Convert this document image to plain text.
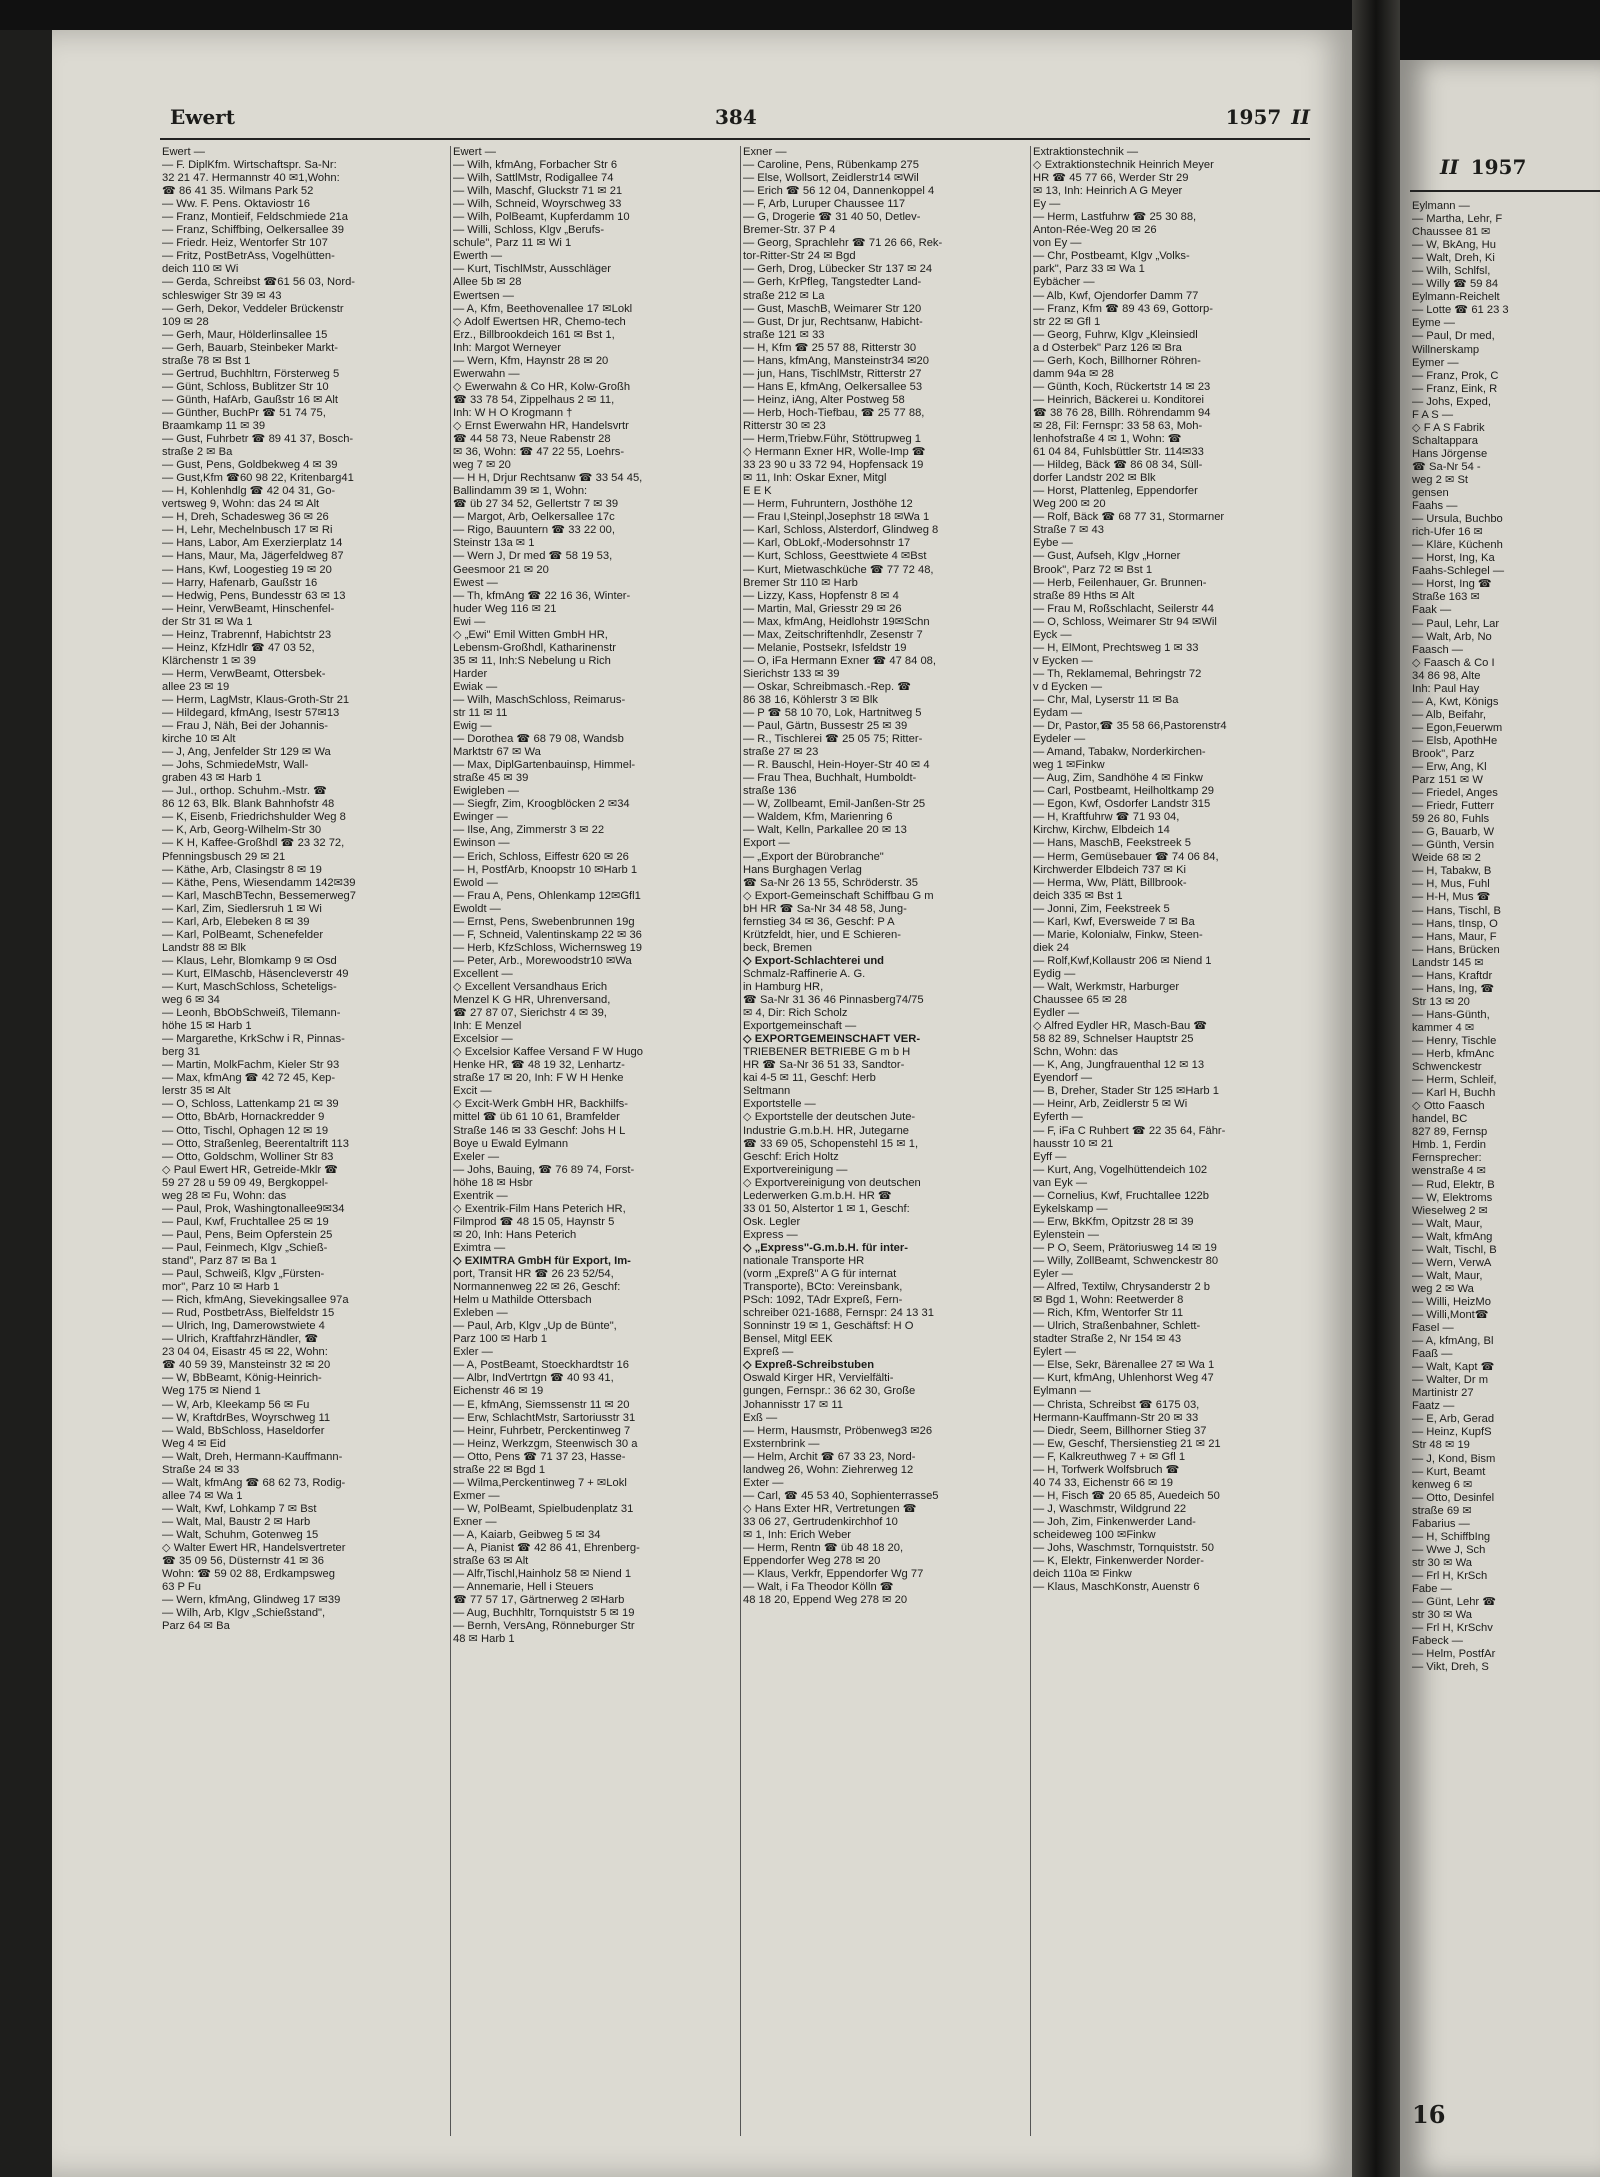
Ewert	384	1957 II
Ewert —
— F. DiplKfm. Wirtschaftspr. Sa-Nr:
32 21 47. Hermannstr 40 ✉1,Wohn:
☎ 86 41 35. Wilmans Park 52
— Ww. F. Pens. Oktaviostr 16
— Franz, Montieif, Feldschmiede 21a
— Franz, Schiffbing, Oelkersallee 39
— Friedr. Heiz, Wentorfer Str 107
— Fritz, PostBetrAss, Vogelhütten-
deich 110 ✉ Wi
— Gerda, Schreibst ☎61 56 03, Nord-
schleswiger Str 39 ✉ 43
— Gerh, Dekor, Veddeler Brückenstr
109 ✉ 28
— Gerh, Maur, Hölderlinsallee 15
— Gerh, Bauarb, Steinbeker Markt-
straße 78 ✉ Bst 1
— Gertrud, Buchhltrn, Försterweg 5
— Günt, Schloss, Bublitzer Str 10
— Günth, HafArb, Gaußstr 16 ✉ Alt
— Günther, BuchPr ☎ 51 74 75,
Braamkamp 11 ✉ 39
— Gust, Fuhrbetr ☎ 89 41 37, Bosch-
straße 2 ✉ Ba
— Gust, Pens, Goldbekweg 4 ✉ 39
— Gust,Kfm ☎60 98 22, Kritenbarg41
— H, Kohlenhdlg ☎ 42 04 31, Go-
vertsweg 9, Wohn: das 24 ✉ Alt
— H, Dreh, Schadesweg 36 ✉ 26
— H, Lehr, Mechelnbusch 17 ✉ Ri
— Hans, Labor, Am Exerzierplatz 14
— Hans, Maur, Ma, Jägerfeldweg 87
— Hans, Kwf, Loogestieg 19 ✉ 20
— Harry, Hafenarb, Gaußstr 16
— Hedwig, Pens, Bundesstr 63 ✉ 13
— Heinr, VerwBeamt, Hinschenfel-
der Str 31 ✉ Wa 1
— Heinz, Trabrennf, Habichtstr 23
— Heinz, KfzHdlr ☎ 47 03 52,
Klärchenstr 1 ✉ 39
— Herm, VerwBeamt, Ottersbek-
allee 23 ✉ 19
— Herm, LagMstr, Klaus-Groth-Str 21
— Hildegard, kfmAng, Isestr 57✉13
— Frau J, Näh, Bei der Johannis-
kirche 10 ✉ Alt
— J, Ang, Jenfelder Str 129 ✉ Wa
— Johs, SchmiedeMstr, Wall-
graben 43 ✉ Harb 1
— Jul., orthop. Schuhm.-Mstr. ☎
86 12 63, Blk. Blank Bahnhofstr 48
— K, Eisenb, Friedrichshulder Weg 8
— K, Arb, Georg-Wilhelm-Str 30
— K H, Kaffee-Großhdl ☎ 23 32 72,
Pfenningsbusch 29 ✉ 21
— Käthe, Arb, Clasingstr 8 ✉ 19
— Käthe, Pens, Wiesendamm 142✉39
— Karl, MaschBTechn, Bessemerweg7
— Karl, Zim, Siedlersruh 1 ✉ Wi
— Karl, Arb, Elebeken 8 ✉ 39
— Karl, PolBeamt, Schenefelder
Landstr 88 ✉ Blk
— Klaus, Lehr, Blomkamp 9 ✉ Osd
— Kurt, ElMaschb, Häsencleverstr 49
— Kurt, MaschSchloss, Scheteligs-
weg 6 ✉ 34
— Leonh, BbObSchweiß, Tilemann-
höhe 15 ✉ Harb 1
— Margarethe, KrkSchw i R, Pinnas-
berg 31
— Martin, MolkFachm, Kieler Str 93
— Max, kfmAng ☎ 42 72 45, Kep-
lerstr 35 ✉ Alt
— O, Schloss, Lattenkamp 21 ✉ 39
— Otto, BbArb, Hornackredder 9
— Otto, Tischl, Ophagen 12 ✉ 19
— Otto, Straßenleg, Beerentaltrift 113
— Otto, Goldschm, Wolliner Str 83
◇ Paul Ewert HR, Getreide-Mklr ☎
59 27 28 u 59 09 49, Bergkoppel-
weg 28 ✉ Fu, Wohn: das
— Paul, Prok, Washingtonallee9✉34
— Paul, Kwf, Fruchtallee 25 ✉ 19
— Paul, Pens, Beim Opferstein 25
— Paul, Feinmech, Klgv „Schieß-
stand", Parz 87 ✉ Ba 1
— Paul, Schweiß, Klgv „Fürsten-
mor", Parz 10 ✉ Harb 1
— Rich, kfmAng, Sievekingsallee 97a
— Rud, PostbetrAss, Bielfeldstr 15
— Ulrich, Ing, Damerowstwiete 4
— Ulrich, KraftfahrzHändler, ☎
23 04 04, Eisastr 45 ✉ 22, Wohn:
☎ 40 59 39, Mansteinstr 32 ✉ 20
— W, BbBeamt, König-Heinrich-
Weg 175 ✉ Niend 1
— W, Arb, Kleekamp 56 ✉ Fu
— W, KraftdrBes, Woyrschweg 11
— Wald, BbSchloss, Haseldorfer
Weg 4 ✉ Eid
— Walt, Dreh, Hermann-Kauffmann-
Straße 24 ✉ 33
— Walt, kfmAng ☎ 68 62 73, Rodig-
allee 74 ✉ Wa 1
— Walt, Kwf, Lohkamp 7 ✉ Bst
— Walt, Mal, Baustr 2 ✉ Harb
— Walt, Schuhm, Gotenweg 15
◇ Walter Ewert HR, Handelsvertreter
☎ 35 09 56, Düsternstr 41 ✉ 36
Wohn: ☎ 59 02 88, Erdkampsweg
63 P Fu
— Wern, kfmAng, Glindweg 17 ✉39
— Wilh, Arb, Klgv „Schießstand",
Parz 64 ✉ Ba
Ewert —
— Wilh, kfmAng, Forbacher Str 6
— Wilh, SattlMstr, Rodigallee 74
— Wilh, Maschf, Gluckstr 71 ✉ 21
— Wilh, Schneid, Woyrschweg 33
— Wilh, PolBeamt, Kupferdamm 10
— Willi, Schloss, Klgv „Berufs-
schule", Parz 11 ✉ Wi 1
Ewerth —
— Kurt, TischlMstr, Ausschläger
Allee 5b ✉ 28
Ewertsen —
— A, Kfm, Beethovenallee 17 ✉Lokl
◇ Adolf Ewertsen HR, Chemo-tech
Erz., Billbrookdeich 161 ✉ Bst 1,
Inh: Margot Werneyer
— Wern, Kfm, Haynstr 28 ✉ 20
Ewerwahn —
◇ Ewerwahn & Co HR, Kolw-Großh
☎ 33 78 54, Zippelhaus 2 ✉ 11,
Inh: W H O Krogmann †
◇ Ernst Ewerwahn HR, Handelsvrtr
☎ 44 58 73, Neue Rabenstr 28
✉ 36, Wohn: ☎ 47 22 55, Loehrs-
weg 7 ✉ 20
— H H, Drjur Rechtsanw ☎ 33 54 45,
Ballindamm 39 ✉ 1, Wohn:
☎ üb 27 34 52, Gellertstr 7 ✉ 39
— Margot, Arb, Oelkersallee 17c
— Rigo, Bauuntern ☎ 33 22 00,
Steinstr 13a ✉ 1
— Wern J, Dr med ☎ 58 19 53,
Geesmoor 21 ✉ 20
Ewest —
— Th, kfmAng ☎ 22 16 36, Winter-
huder Weg 116 ✉ 21
Ewi —
◇ „Ewi" Emil Witten GmbH HR,
Lebensm-Großhdl, Katharinenstr
35 ✉ 11, Inh:S Nebelung u Rich
Harder
Ewiak —
— Wilh, MaschSchloss, Reimarus-
str 11 ✉ 11
Ewig —
— Dorothea ☎ 68 79 08, Wandsb
Marktstr 67 ✉ Wa
— Max, DiplGartenbauinsp, Himmel-
straße 45 ✉ 39
Ewigleben —
— Siegfr, Zim, Kroogblöcken 2 ✉34
Ewinger —
— Ilse, Ang, Zimmerstr 3 ✉ 22
Ewinson —
— Erich, Schloss, Eiffestr 620 ✉ 26
— H, PostfArb, Knoopstr 10 ✉Harb 1
Ewold —
— Frau A, Pens, Ohlenkamp 12✉Gfl1
Ewoldt —
— Ernst, Pens, Swebenbrunnen 19g
— F, Schneid, Valentinskamp 22 ✉ 36
— Herb, KfzSchloss, Wichernsweg 19
— Peter, Arb., Morewoodstr10 ✉Wa
Excellent —
◇ Excellent Versandhaus Erich
Menzel K G HR, Uhrenversand,
☎ 27 87 07, Sierichstr 4 ✉ 39,
Inh: E Menzel
Excelsior —
◇ Excelsior Kaffee Versand F W Hugo
Henke HR, ☎ 48 19 32, Lenhartz-
straße 17 ✉ 20, Inh: F W H Henke
Excit —
◇ Excit-Werk GmbH HR, Backhilfs-
mittel ☎ üb 61 10 61, Bramfelder
Straße 146 ✉ 33 Geschf: Johs H L
Boye u Ewald Eylmann
Exeler —
— Johs, Bauing, ☎ 76 89 74, Forst-
höhe 18 ✉ Hsbr
Exentrik —
◇ Exentrik-Film Hans Peterich HR,
Filmprod ☎ 48 15 05, Haynstr 5
✉ 20, Inh: Hans Peterich
Eximtra —
◇ EXIMTRA GmbH für Export, Im-
port, Transit HR ☎ 26 23 52/54,
Normannenweg 22 ✉ 26, Geschf:
Helm u Mathilde Ottersbach
Exleben —
— Paul, Arb, Klgv „Up de Bünte",
Parz 100 ✉ Harb 1
Exler —
— A, PostBeamt, Stoeckhardtstr 16
— Albr, IndVertrtgn ☎ 40 93 41,
Eichenstr 46 ✉ 19
— E, kfmAng, Siemssenstr 11 ✉ 20
— Erw, SchlachtMstr, Sartoriusstr 31
— Heinr, Fuhrbetr, Perckentinweg 7
— Heinz, Werkzgm, Steenwisch 30 a
— Otto, Pens ☎ 71 37 23, Hasse-
straße 22 ✉ Bgd 1
— Wilma,Perckentinweg 7 + ✉Lokl
Exmer —
— W, PolBeamt, Spielbudenplatz 31
Exner —
— A, Kaiarb, Geibweg 5 ✉ 34
— A, Pianist ☎ 42 86 41, Ehrenberg-
straße 63 ✉ Alt
— Alfr,Tischl,Hainholz 58 ✉ Niend 1
— Annemarie, Hell i Steuers
☎ 77 57 17, Gärtnerweg 2 ✉Harb
— Aug, Buchhltr, Tornquiststr 5 ✉ 19
— Bernh, VersAng, Rönneburger Str
48 ✉ Harb 1
Exner —
— Caroline, Pens, Rübenkamp 275
— Else, Wollsort, Zeidlerstr14 ✉Wil
— Erich ☎ 56 12 04, Dannenkoppel 4
— F, Arb, Luruper Chaussee 117
— G, Drogerie ☎ 31 40 50, Detlev-
Bremer-Str. 37 P 4
— Georg, Sprachlehr ☎ 71 26 66, Rek-
tor-Ritter-Str 24 ✉ Bgd
— Gerh, Drog, Lübecker Str 137 ✉ 24
— Gerh, KrPfleg, Tangstedter Land-
straße 212 ✉ La
— Gust, MaschB, Weimarer Str 120
— Gust, Dr jur, Rechtsanw, Habicht-
straße 121 ✉ 33
— H, Kfm ☎ 25 57 88, Ritterstr 30
— Hans, kfmAng, Mansteinstr34 ✉20
— jun, Hans, TischlMstr, Ritterstr 27
— Hans E, kfmAng, Oelkersallee 53
— Heinz, iAng, Alter Postweg 58
— Herb, Hoch-Tiefbau, ☎ 25 77 88,
Ritterstr 30 ✉ 23
— Herm,Triebw.Führ, Stöttrupweg 1
◇ Hermann Exner HR, Wolle-Imp ☎
33 23 90 u 33 72 94, Hopfensack 19
✉ 11, Inh: Oskar Exner, Mitgl
E E K
— Herm, Fuhruntern, Josthöhe 12
— Frau I,Steinpl,Josephstr 18 ✉Wa 1
— Karl, Schloss, Alsterdorf, Glindweg 8
— Karl, ObLokf,-Modersohnstr 17
— Kurt, Schloss, Geesttwiete 4 ✉Bst
— Kurt, Mietwaschküche ☎ 77 72 48,
Bremer Str 110 ✉ Harb
— Lizzy, Kass, Hopfenstr 8 ✉ 4
— Martin, Mal, Griesstr 29 ✉ 26
— Max, kfmAng, Heidlohstr 19✉Schn
— Max, Zeitschriftenhdlr, Zesenstr 7
— Melanie, Postsekr, Isfeldstr 19
— O, iFa Hermann Exner ☎ 47 84 08,
Sierichstr 133 ✉ 39
— Oskar, Schreibmasch.-Rep. ☎
86 38 16, Köhlerstr 3 ✉ Blk
— P ☎ 58 10 70, Lok, Hartnitweg 5
— Paul, Gärtn, Bussestr 25 ✉ 39
— R., Tischlerei ☎ 25 05 75; Ritter-
straße 27 ✉ 23
— R. Bauschl, Hein-Hoyer-Str 40 ✉ 4
— Frau Thea, Buchhalt, Humboldt-
straße 136
— W, Zollbeamt, Emil-Janßen-Str 25
— Waldem, Kfm, Marienring 6
— Walt, Kelln, Parkallee 20 ✉ 13
Export —
— „Export der Bürobranche"
Hans Burghagen Verlag
☎ Sa-Nr 26 13 55, Schröderstr. 35
◇ Export-Gemeinschaft Schiffbau G m
bH HR ☎ Sa-Nr 34 48 58, Jung-
fernstieg 34 ✉ 36, Geschf: P A
Krützfeldt, hier, und E Schieren-
beck, Bremen
◇ Export-Schlachterei und
Schmalz-Raffinerie A. G.
in Hamburg HR,
☎ Sa-Nr 31 36 46 Pinnasberg74/75
✉ 4, Dir: Rich Scholz
Exportgemeinschaft —
◇ EXPORTGEMEINSCHAFT VER-
TRIEBENER BETRIEBE G m b H
HR ☎ Sa-Nr 36 51 33, Sandtor-
kai 4-5 ✉ 11, Geschf: Herb
Seltmann
Exportstelle —
◇ Exportstelle der deutschen Jute-
Industrie G.m.b.H. HR, Jutegarne
☎ 33 69 05, Schopenstehl 15 ✉ 1,
Geschf: Erich Holtz
Exportvereinigung —
◇ Exportvereinigung von deutschen
Lederwerken G.m.b.H. HR ☎
33 01 50, Alstertor 1 ✉ 1, Geschf:
Osk. Legler
Express —
◇ „Express"-G.m.b.H. für inter-
nationale Transporte HR
(vorm „Expreß" A G für internat
Transporte), BCto: Vereinsbank,
PSch: 1092, TAdr Expreß, Fern-
schreiber 021-1688, Fernspr: 24 13 31
Sonninstr 19 ✉ 1, Geschäftsf: H O
Bensel, Mitgl EEK
Expreß —
◇ Expreß-Schreibstuben
Oswald Kirger HR, Vervielfälti-
gungen, Fernspr.: 36 62 30, Große
Johannisstr 17 ✉ 11
Exß —
— Herm, Hausmstr, Pröbenweg3 ✉26
Exsternbrink —
— Helm, Archit ☎ 67 33 23, Nord-
landweg 26, Wohn: Ziehrerweg 12
Exter —
— Carl, ☎ 45 53 40, Sophienterrasse5
◇ Hans Exter HR, Vertretungen ☎
33 06 27, Gertrudenkirchhof 10
✉ 1, Inh: Erich Weber
— Herm, Rentn ☎ üb 48 18 20,
Eppendorfer Weg 278 ✉ 20
— Klaus, Verkfr, Eppendorfer Wg 77
— Walt, i Fa Theodor Kölln ☎
48 18 20, Eppend Weg 278 ✉ 20
Extraktionstechnik —
◇ Extraktionstechnik Heinrich Meyer
HR ☎ 45 77 66, Werder Str 29
✉ 13, Inh: Heinrich A G Meyer
Ey —
— Herm, Lastfuhrw ☎ 25 30 88,
Anton-Rée-Weg 20 ✉ 26
von Ey —
— Chr, Postbeamt, Klgv „Volks-
park", Parz 33 ✉ Wa 1
Eybächer —
— Alb, Kwf, Ojendorfer Damm 77
— Franz, Kfm ☎ 89 43 69, Gottorp-
str 22 ✉ Gfl 1
— Georg, Fuhrw, Klgv „Kleinsiedl
a d Osterbek" Parz 126 ✉ Bra
— Gerh, Koch, Billhorner Röhren-
damm 94a ✉ 28
— Günth, Koch, Rückertstr 14 ✉ 23
— Heinrich, Bäckerei u. Konditorei
☎ 38 76 28, Billh. Röhrendamm 94
✉ 28, Fil: Fernspr: 33 58 63, Moh-
lenhofstraße 4 ✉ 1, Wohn: ☎
61 04 84, Fuhlsbüttler Str. 114✉33
— Hildeg, Bäck ☎ 86 08 34, Süll-
dorfer Landstr 202 ✉ Blk
— Horst, Plattenleg, Eppendorfer
Weg 200 ✉ 20
— Rolf, Bäck ☎ 68 77 31, Stormarner
Straße 7 ✉ 43
Eybe —
— Gust, Aufseh, Klgv „Horner
Brook", Parz 72 ✉ Bst 1
— Herb, Feilenhauer, Gr. Brunnen-
straße 89 Hths ✉ Alt
— Frau M, Roßschlacht, Seilerstr 44
— O, Schloss, Weimarer Str 94 ✉Wil
Eyck —
— H, ElMont, Prechtsweg 1 ✉ 33
v Eycken —
— Th, Reklamemal, Behringstr 72
v d Eycken —
— Chr, Mal, Lyserstr 11 ✉ Ba
Eydam —
— Dr, Pastor,☎ 35 58 66,Pastorenstr4
Eydeler —
— Amand, Tabakw, Norderkirchen-
weg 1 ✉Finkw
— Aug, Zim, Sandhöhe 4 ✉ Finkw
— Carl, Postbeamt, Heilholtkamp 29
— Egon, Kwf, Osdorfer Landstr 315
— H, Kraftfuhrw ☎ 71 93 04,
Kirchw, Kirchw, Elbdeich 14
— Hans, MaschB, Feekstreek 5
— Herm, Gemüsebauer ☎ 74 06 84,
Kirchwerder Elbdeich 737 ✉ Ki
— Herma, Ww, Plätt, Billbrook-
deich 335 ✉ Bst 1
— Jonni, Zim, Feekstreek 5
— Karl, Kwf, Eversweide 7 ✉ Ba
— Marie, Kolonialw, Finkw, Steen-
diek 24
— Rolf,Kwf,Kollaustr 206 ✉ Niend 1
Eydig —
— Walt, Werkmstr, Harburger
Chaussee 65 ✉ 28
Eydler —
◇ Alfred Eydler HR, Masch-Bau ☎
58 82 89, Schnelser Hauptstr 25
Schn, Wohn: das
— K, Ang, Jungfrauenthal 12 ✉ 13
Eyendorf —
— B, Dreher, Stader Str 125 ✉Harb 1
— Heinr, Arb, Zeidlerstr 5 ✉ Wi
Eyferth —
— F, iFa C Ruhbert ☎ 22 35 64, Fähr-
hausstr 10 ✉ 21
Eyff —
— Kurt, Ang, Vogelhüttendeich 102
van Eyk —
— Cornelius, Kwf, Fruchtallee 122b
Eykelskamp —
— Erw, BkKfm, Opitzstr 28 ✉ 39
Eylenstein —
— P O, Seem, Prätoriusweg 14 ✉ 19
— Willy, ZollBeamt, Schwenckestr 80
Eyler —
— Alfred, Textilw, Chrysanderstr 2 b
✉ Bgd 1, Wohn: Reetwerder 8
— Rich, Kfm, Wentorfer Str 11
— Ulrich, Straßenbahner, Schlett-
stadter Straße 2, Nr 154 ✉ 43
Eylert —
— Else, Sekr, Bärenallee 27 ✉ Wa 1
— Kurt, kfmAng, Uhlenhorst Weg 47
Eylmann —
— Christa, Schreibst ☎ 6175 03,
Hermann-Kauffmann-Str 20 ✉ 33
— Diedr, Seem, Billhorner Stieg 37
— Ew, Geschf, Thersienstieg 21 ✉ 21
— F, Kalkreuthweg 7 + ✉ Gfl 1
— H, Torfwerk Wolfsbruch ☎
40 74 33, Eichenstr 66 ✉ 19
— H, Fisch ☎ 20 65 85, Auedeich 50
— J, Waschmstr, Wildgrund 22
— Joh, Zim, Finkenwerder Land-
scheideweg 100 ✉Finkw
— Johs, Waschmstr, Tornquiststr. 50
— K, Elektr, Finkenwerder Norder-
deich 110a ✉ Finkw
— Klaus, MaschKonstr, Auenstr 6
II 1957
Eylmann —
— Martha, Lehr, F
Chaussee 81 ✉
— W, BkAng, Hu
— Walt, Dreh, Ki
— Wilh, Schlfsl,
— Willy ☎ 59 84
Eylmann-Reichelt
— Lotte ☎ 61 23 3
Eyme —
— Paul, Dr med,
Willnerskamp
Eymer —
— Franz, Prok, C
— Franz, Eink, R
— Johs, Exped,
F A S —
◇ F A S Fabrik
Schaltappara
Hans Jörgense
☎ Sa-Nr 54 -
weg 2 ✉ St
gensen
Faahs —
— Ursula, Buchbo
rich-Ufer 16 ✉
— Kläre, Küchenh
— Horst, Ing, Ka
Faahs-Schlegel —
— Horst, Ing ☎
Straße 163 ✉
Faak —
— Paul, Lehr, Lar
— Walt, Arb, No
Faasch —
◇ Faasch & Co I
34 86 98, Alte
Inh: Paul Hay
— A, Kwt, Königs
— Alb, Beifahr,
— Egon,Feuerwm
— Elsb, ApothHe
Brook", Parz
— Erw, Ang, Kl
Parz 151 ✉ W
— Friedel, Anges
— Friedr, Futterr
59 26 80, Fuhls
— G, Bauarb, W
— Günth, Versin
Weide 68 ✉ 2
— H, Tabakw, B
— H, Mus, Fuhl
— H-H, Mus ☎
— Hans, Tischl, B
— Hans, tInsp, O
— Hans, Maur, F
— Hans, Brücken
Landstr 145 ✉
— Hans, Kraftdr
— Hans, Ing, ☎
Str 13 ✉ 20
— Hans-Günth,
kammer 4 ✉
— Henry, Tischle
— Herb, kfmAnc
Schwenckestr
— Herm, Schleif,
— Karl H, Buchh
◇ Otto Faasch
handel, BC
827 89, Fernsp
Hmb. 1, Ferdin
Fernsprecher:
wenstraße 4 ✉
— Rud, Elektr, B
— W, Elektroms
Wieselweg 2 ✉
— Walt, Maur,
— Walt, kfmAng
— Walt, Tischl, B
— Wern, VerwA
— Walt, Maur,
weg 2 ✉ Wa
— Willi, HeizMo
— Willi,Mont☎
Fasel —
— A, kfmAng, Bl
Faaß —
— Walt, Kapt ☎
— Walter, Dr m
Martinistr 27
Faatz —
— E, Arb, Gerad
— Heinz, KupfS
Str 48 ✉ 19
— J, Kond, Bism
— Kurt, Beamt
kenweg 6 ✉
— Otto, Desinfel
straße 69 ✉
Fabarius —
— H, SchiffbIng
— Wwe J, Sch
str 30 ✉ Wa
— Frl H, KrSch
Fabe —
— Günt, Lehr ☎
str 30 ✉ Wa
— Frl H, KrSchv
Fabeck —
— Helm, PostfAr
— Vikt, Dreh, S
16
